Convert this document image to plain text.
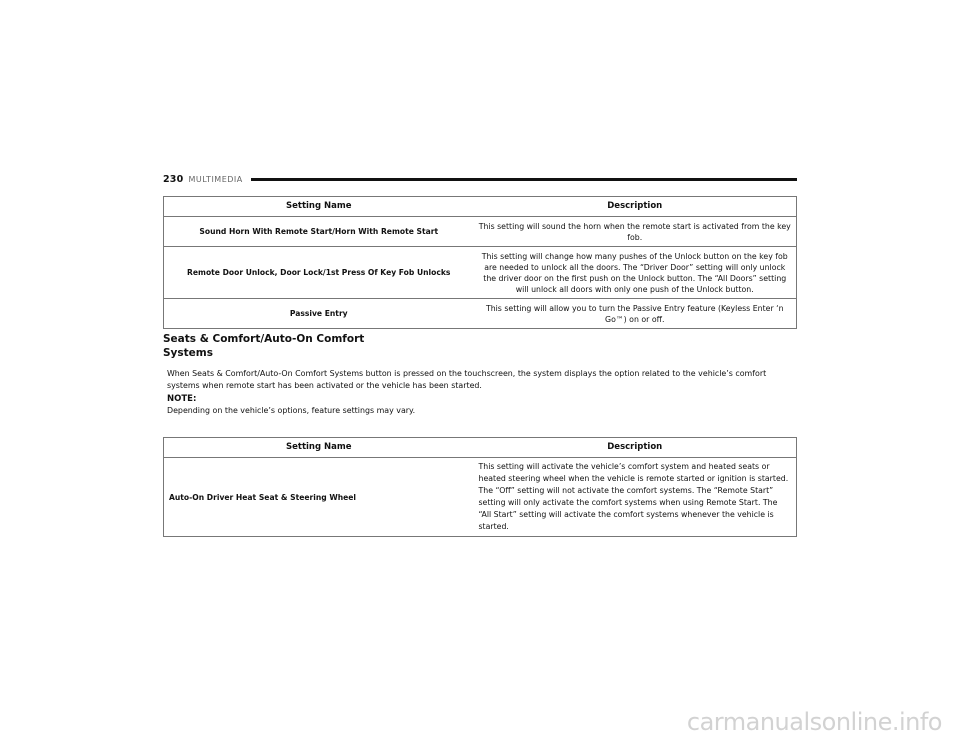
230 MULTIMEDIA
Setting Name	Description
Sound Horn With Remote Start/Horn With Remote Start	This setting will sound the horn when the remote start is activated from the key fob.
Remote Door Unlock, Door Lock/1st Press Of Key Fob Unlocks	This setting will change how many pushes of the Unlock button on the key fob are needed to unlock all the doors. The “Driver Door” setting will only unlock the driver door on the first push on the Unlock button. The “All Doors” setting will unlock all doors with only one push of the Unlock button.
Passive Entry	This setting will allow you to turn the Passive Entry feature (Keyless Enter ‘n Go™) on or off.
Seats & Comfort/Auto-On Comfort Systems
When Seats & Comfort/Auto-On Comfort Systems button is pressed on the touchscreen, the system displays the option related to the vehicle’s comfort systems when remote start has been activated or the vehicle has been started.
NOTE:
Depending on the vehicle’s options, feature settings may vary.
Setting Name	Description
Auto-On Driver Heat Seat & Steering Wheel	This setting will activate the vehicle’s comfort system and heated seats or heated steering wheel when the vehicle is remote started or ignition is started. The “Off” setting will not activate the comfort systems. The “Remote Start” setting will only activate the comfort systems when using Remote Start. The “All Start” setting will activate the comfort systems whenever the vehicle is started.
carmanualsonline.info
